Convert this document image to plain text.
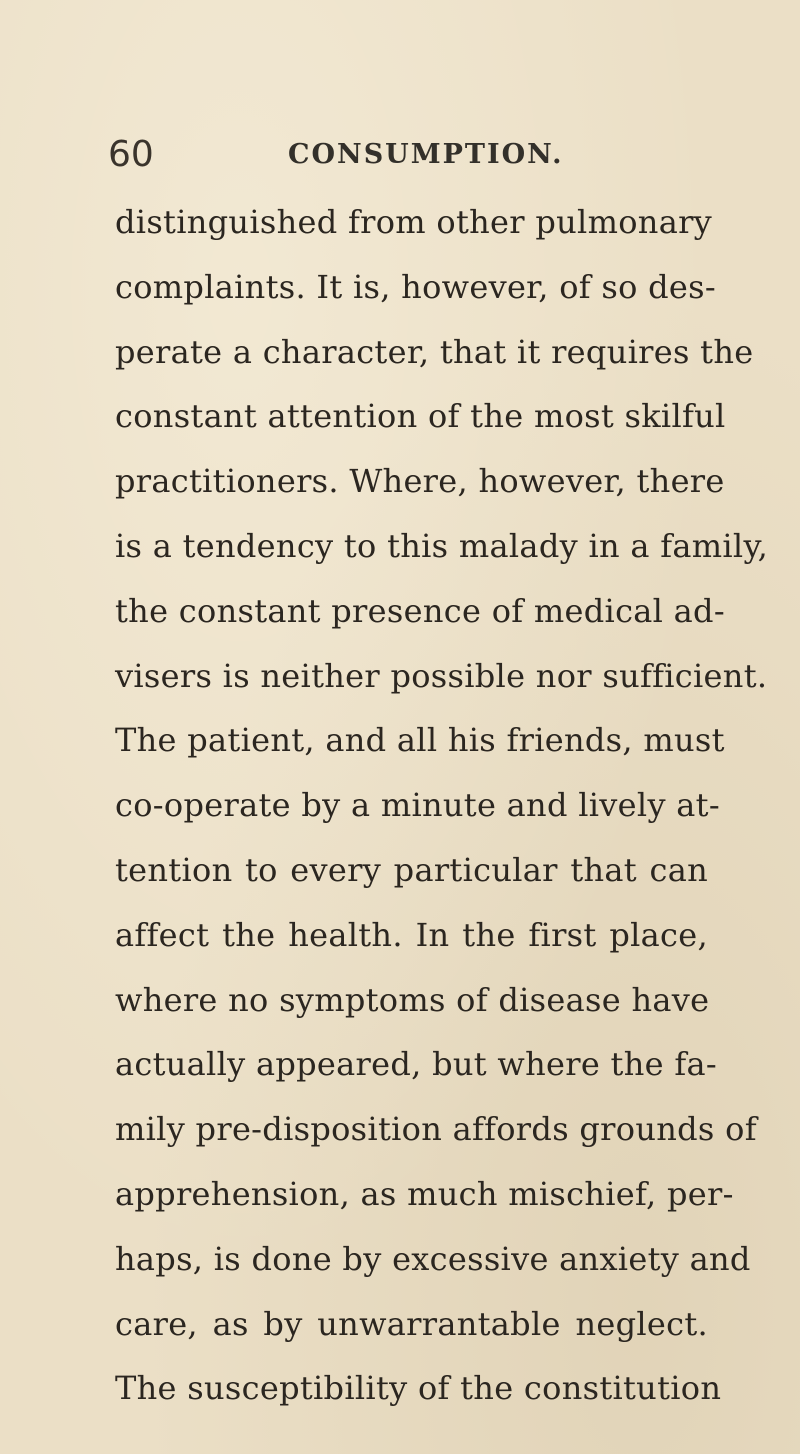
60	CONSUMPTION.
distinguished from other pulmonary
complaints. It is, however, of so des-
perate a character, that it requires the
constant attention of the most skilful
practitioners. Where, however, there
is a tendency to this malady in a family,
the constant presence of medical ad-
visers is neither possible nor sufficient.
The patient, and all his friends, must
co-operate by a minute and lively at-
tention to every particular that can
affect the health. In the first place,
where no symptoms of disease have
actually appeared, but where the fa-
mily pre-disposition affords grounds of
apprehension, as much mischief, per-
haps, is done by excessive anxiety and
care, as by unwarrantable neglect.
The susceptibility of the constitution
